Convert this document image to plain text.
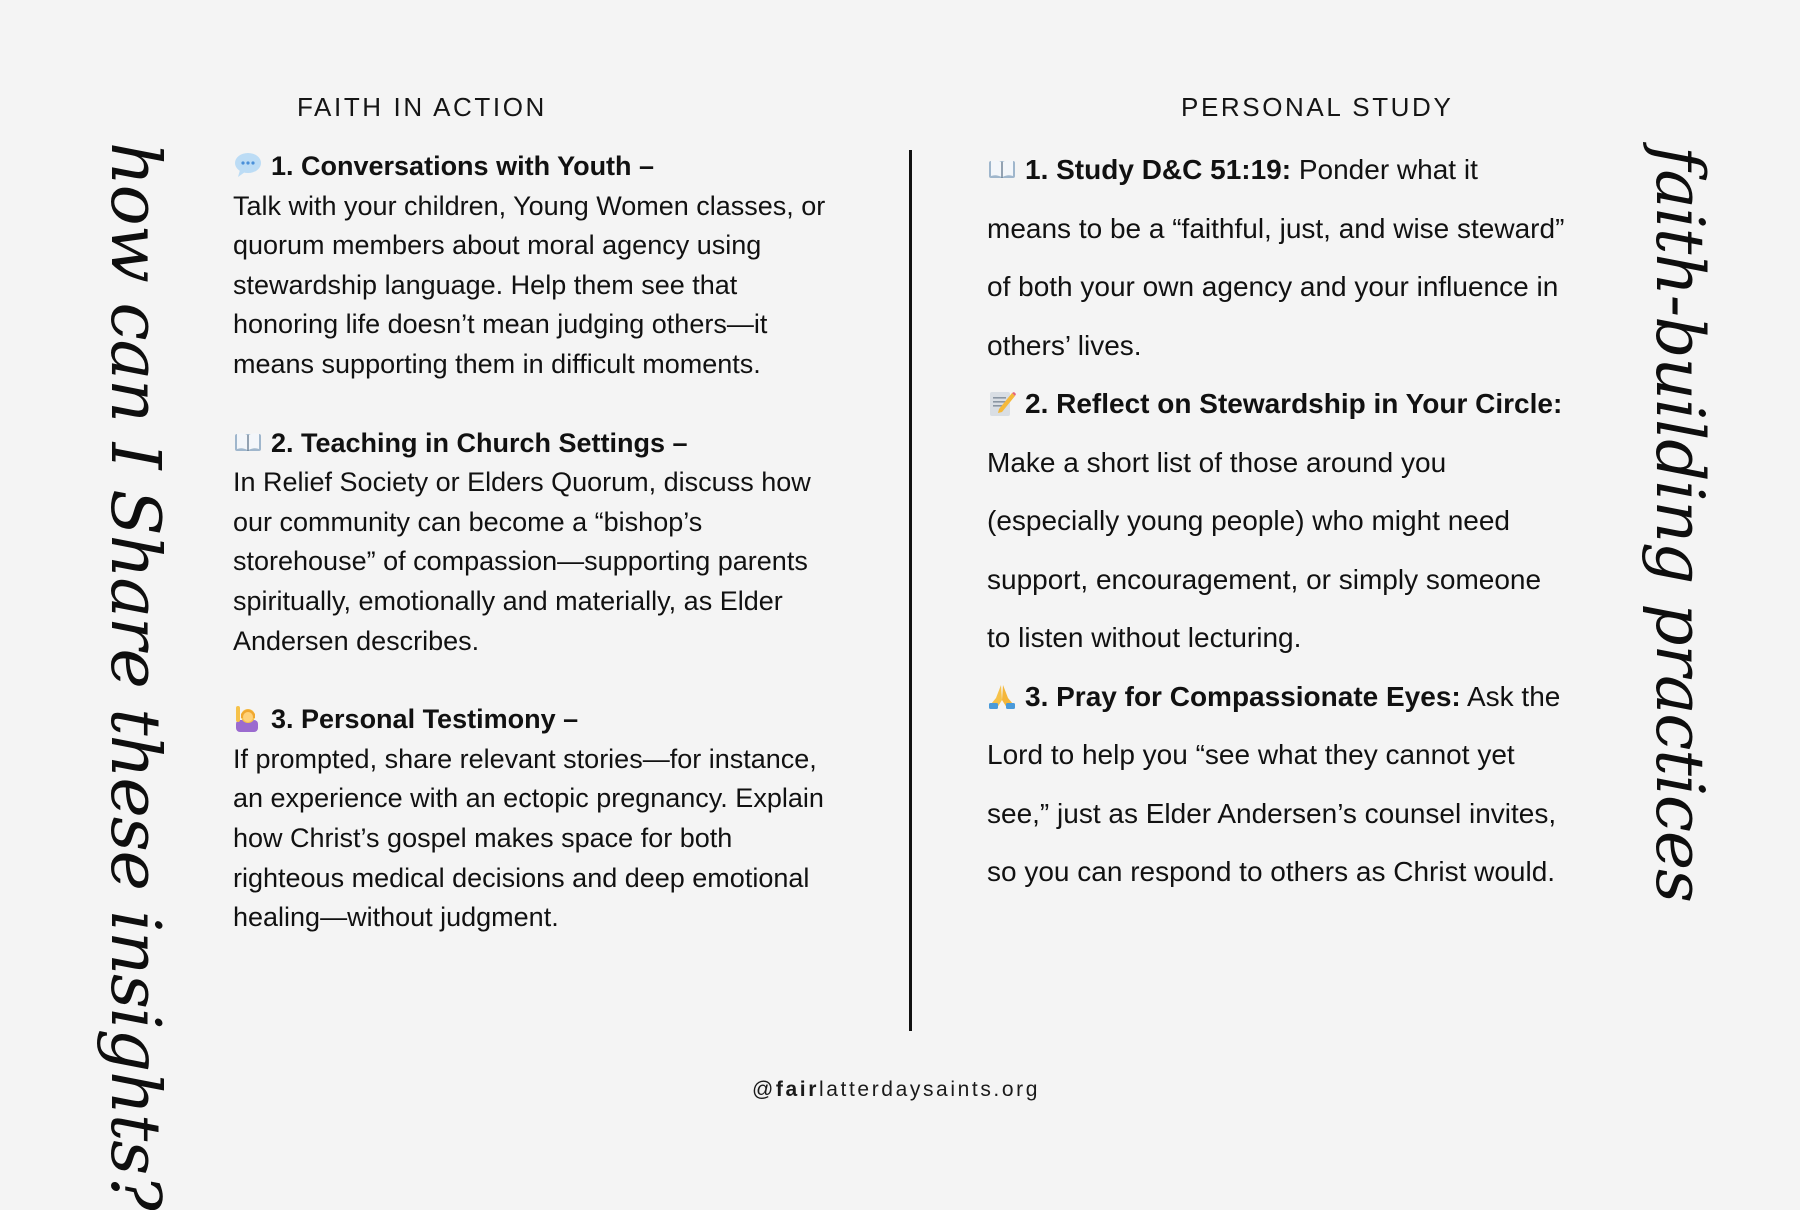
FAITH IN ACTION	PERSONAL STUDY
how can I Share these insights?	faith-building practices
1. Conversations with Youth –
Talk with your children, Young Women classes, or quorum members about moral agency using stewardship language. Help them see that honoring life doesn’t mean judging others—it means supporting them in difficult moments.
2. Teaching in Church Settings –
In Relief Society or Elders Quorum, discuss how our community can become a “bishop’s storehouse” of compassion—supporting parents spiritually, emotionally and materially, as Elder Andersen describes.
3. Personal Testimony –
If prompted, share relevant stories—for instance, an experience with an ectopic pregnancy. Explain how Christ’s gospel makes space for both righteous medical decisions and deep emotional healing—without judgment.
1. Study D&C 51:19: Ponder what it means to be a “faithful, just, and wise steward” of both your own agency and your influence in others’ lives.
2. Reflect on Stewardship in Your Circle: Make a short list of those around you (especially young people) who might need support, encouragement, or simply someone to listen without lecturing.
3. Pray for Compassionate Eyes: Ask the Lord to help you “see what they cannot yet see,” just as Elder Andersen’s counsel invites, so you can respond to others as Christ would.
@fairlatterdaysaints.org
